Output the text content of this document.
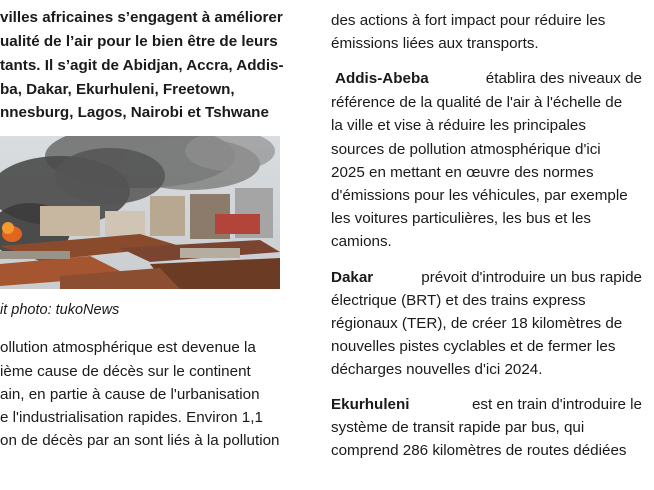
villes africaines s’engagent à améliorer
ualité de l’air pour le bien être de leurs
tants. Il s’agit de Abidjan, Accra, Addis-
ba, Dakar, Ekurhuleni, Freetown,
nnesburg, Lagos, Nairobi et Tshwane
it photo: tukoNews
ollution atmosphérique est devenue la
ième cause de décès sur le continent
ain, en partie à cause de l'urbanisation
e l'industrialisation rapides. Environ 1,1
on de décès par an sont liés à la pollution
des actions à fort impact pour réduire les
émissions liées aux transports.
Addis-Abeba	établira des niveaux de
référence de la qualité de l'air à l'échelle de
la ville et vise à réduire les principales
sources de pollution atmosphérique d'ici
2025 en mettant en œuvre des normes
d'émissions pour les véhicules, par exemple
les voitures particulières, les bus et les
camions.
Dakar	prévoit d'introduire un bus rapide
électrique (BRT) et des trains express
régionaux (TER), de créer 18 kilomètres de
nouvelles pistes cyclables et de fermer les
décharges nouvelles d'ici 2024.
Ekurhuleni	est en train d'introduire le
système de transit rapide par bus, qui
comprend 286 kilomètres de routes dédiées
